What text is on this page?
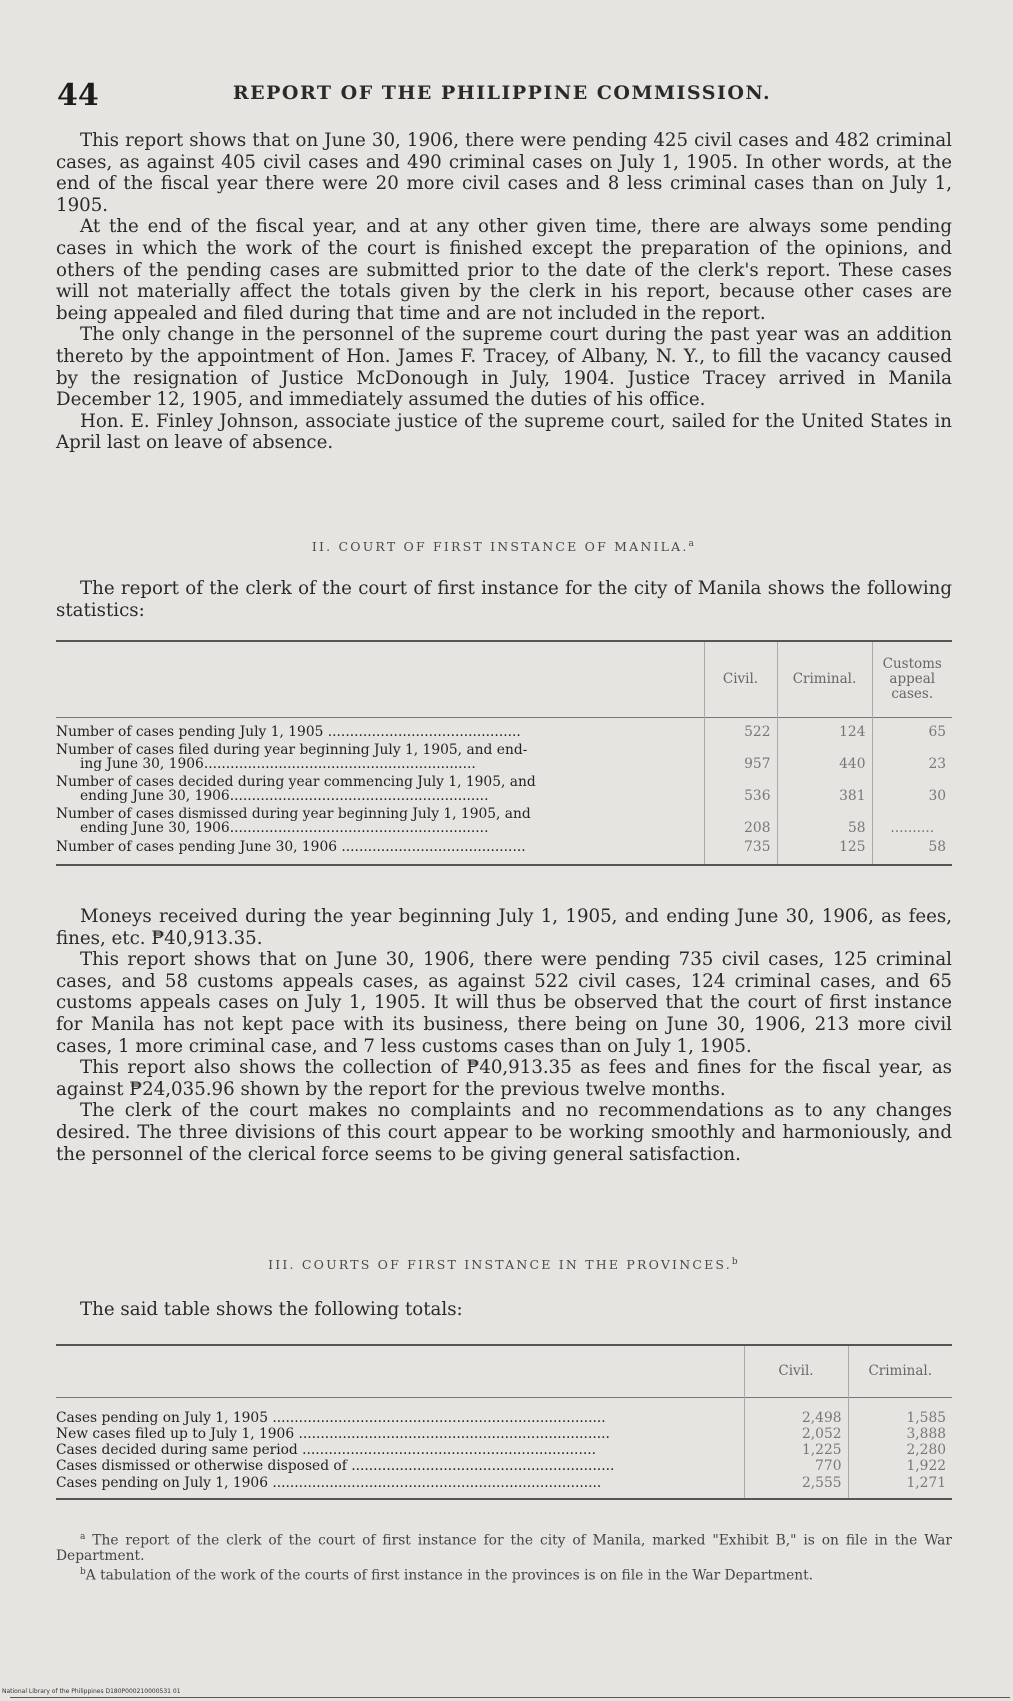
44	REPORT OF THE PHILIPPINE COMMISSION.

This report shows that on June 30, 1906, there were pending 425 civil cases and 482 criminal cases, as against 405 civil cases and 490 criminal cases on July 1, 1905. In other words, at the end of the fiscal year there were 20 more civil cases and 8 less criminal cases than on July 1, 1905.

At the end of the fiscal year, and at any other given time, there are always some pending cases in which the work of the court is finished except the preparation of the opinions, and others of the pending cases are submitted prior to the date of the clerk's report. These cases will not materially affect the totals given by the clerk in his report, because other cases are being appealed and filed during that time and are not included in the report.

The only change in the personnel of the supreme court during the past year was an addition thereto by the appointment of Hon. James F. Tracey, of Albany, N. Y., to fill the vacancy caused by the resignation of Justice McDonough in July, 1904. Justice Tracey arrived in Manila December 12, 1905, and immediately assumed the duties of his office.

Hon. E. Finley Johnson, associate justice of the supreme court, sailed for the United States in April last on leave of absence.

II. COURT OF FIRST INSTANCE OF MANILA.$^a$

The report of the clerk of the court of first instance for the city of Manila shows the following statistics:

	Civil.	Criminal.	Customs appeal cases.
Number of cases pending July 1, 1905 ............................................	522	124	65
Number of cases filed during year beginning July 1, 1905, and end-
ing June 30, 1906..............................................................	957	440	23
Number of cases decided during year commencing July 1, 1905, and
ending June 30, 1906...........................................................	536	381	30
Number of cases dismissed during year beginning July 1, 1905, and
ending June 30, 1906...........................................................	208	58	..........
Number of cases pending June 30, 1906 ..........................................	735	125	58

Moneys received during the year beginning July 1, 1905, and ending June 30, 1906, as fees, fines, etc. ₱40,913.35.

This report shows that on June 30, 1906, there were pending 735 civil cases, 125 criminal cases, and 58 customs appeals cases, as against 522 civil cases, 124 criminal cases, and 65 customs appeals cases on July 1, 1905. It will thus be observed that the court of first instance for Manila has not kept pace with its business, there being on June 30, 1906, 213 more civil cases, 1 more criminal case, and 7 less customs cases than on July 1, 1905.

This report also shows the collection of ₱40,913.35 as fees and fines for the fiscal year, as against ₱24,035.96 shown by the report for the previous twelve months.

The clerk of the court makes no complaints and no recommendations as to any changes desired. The three divisions of this court appear to be working smoothly and harmoniously, and the personnel of the clerical force seems to be giving general satisfaction.

III. COURTS OF FIRST INSTANCE IN THE PROVINCES.$^b$

The said table shows the following totals:

	Civil.	Criminal.
Cases pending on July 1, 1905 ............................................................................	2,498	1,585
New cases filed up to July 1, 1906 .......................................................................	2,052	3,888
Cases decided during same period ...................................................................	1,225	2,280
Cases dismissed or otherwise disposed of ............................................................	770	1,922
Cases pending on July 1, 1906 ...........................................................................	2,555	1,271

$^a$ The report of the clerk of the court of first instance for the city of Manila, marked "Exhibit B," is on file in the War Department.

$^b$A tabulation of the work of the courts of first instance in the provinces is on file in the War Department.

National Library of the Philippines D180P000210000531 01
